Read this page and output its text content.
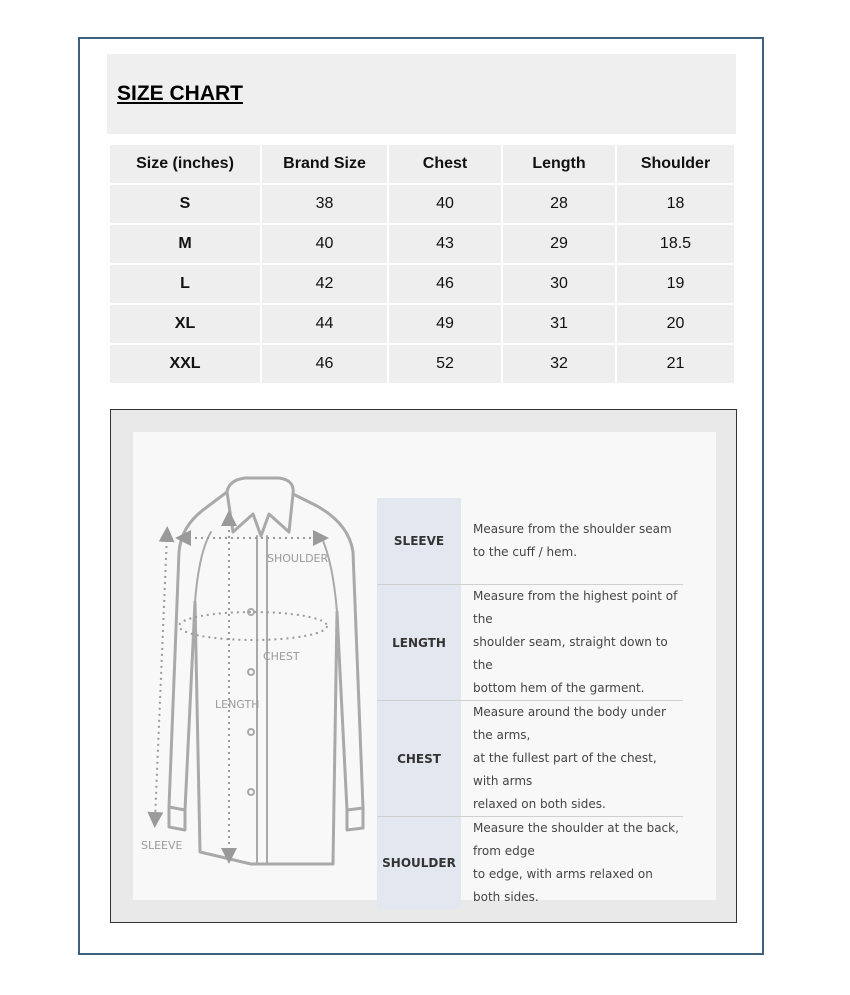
SIZE CHART
Size (inches)	Brand Size	Chest	Length	Shoulder
S	38	40	28	18
M	40	43	29	18.5
L	42	46	30	19
XL	44	49	31	20
XXL	46	52	32	21
SHOULDER
CHEST
LENGTH
SLEEVE
SLEEVE	Measure from the shoulder seam
to the cuff / hem.

LENGTH	Measure from the highest point of the
shoulder seam, straight down to the
bottom hem of the garment.

CHEST	Measure around the body under the arms,
at the fullest part of the chest, with arms
relaxed on both sides.

SHOULDER	Measure the shoulder at the back, from edge
to edge, with arms relaxed on both sides.
